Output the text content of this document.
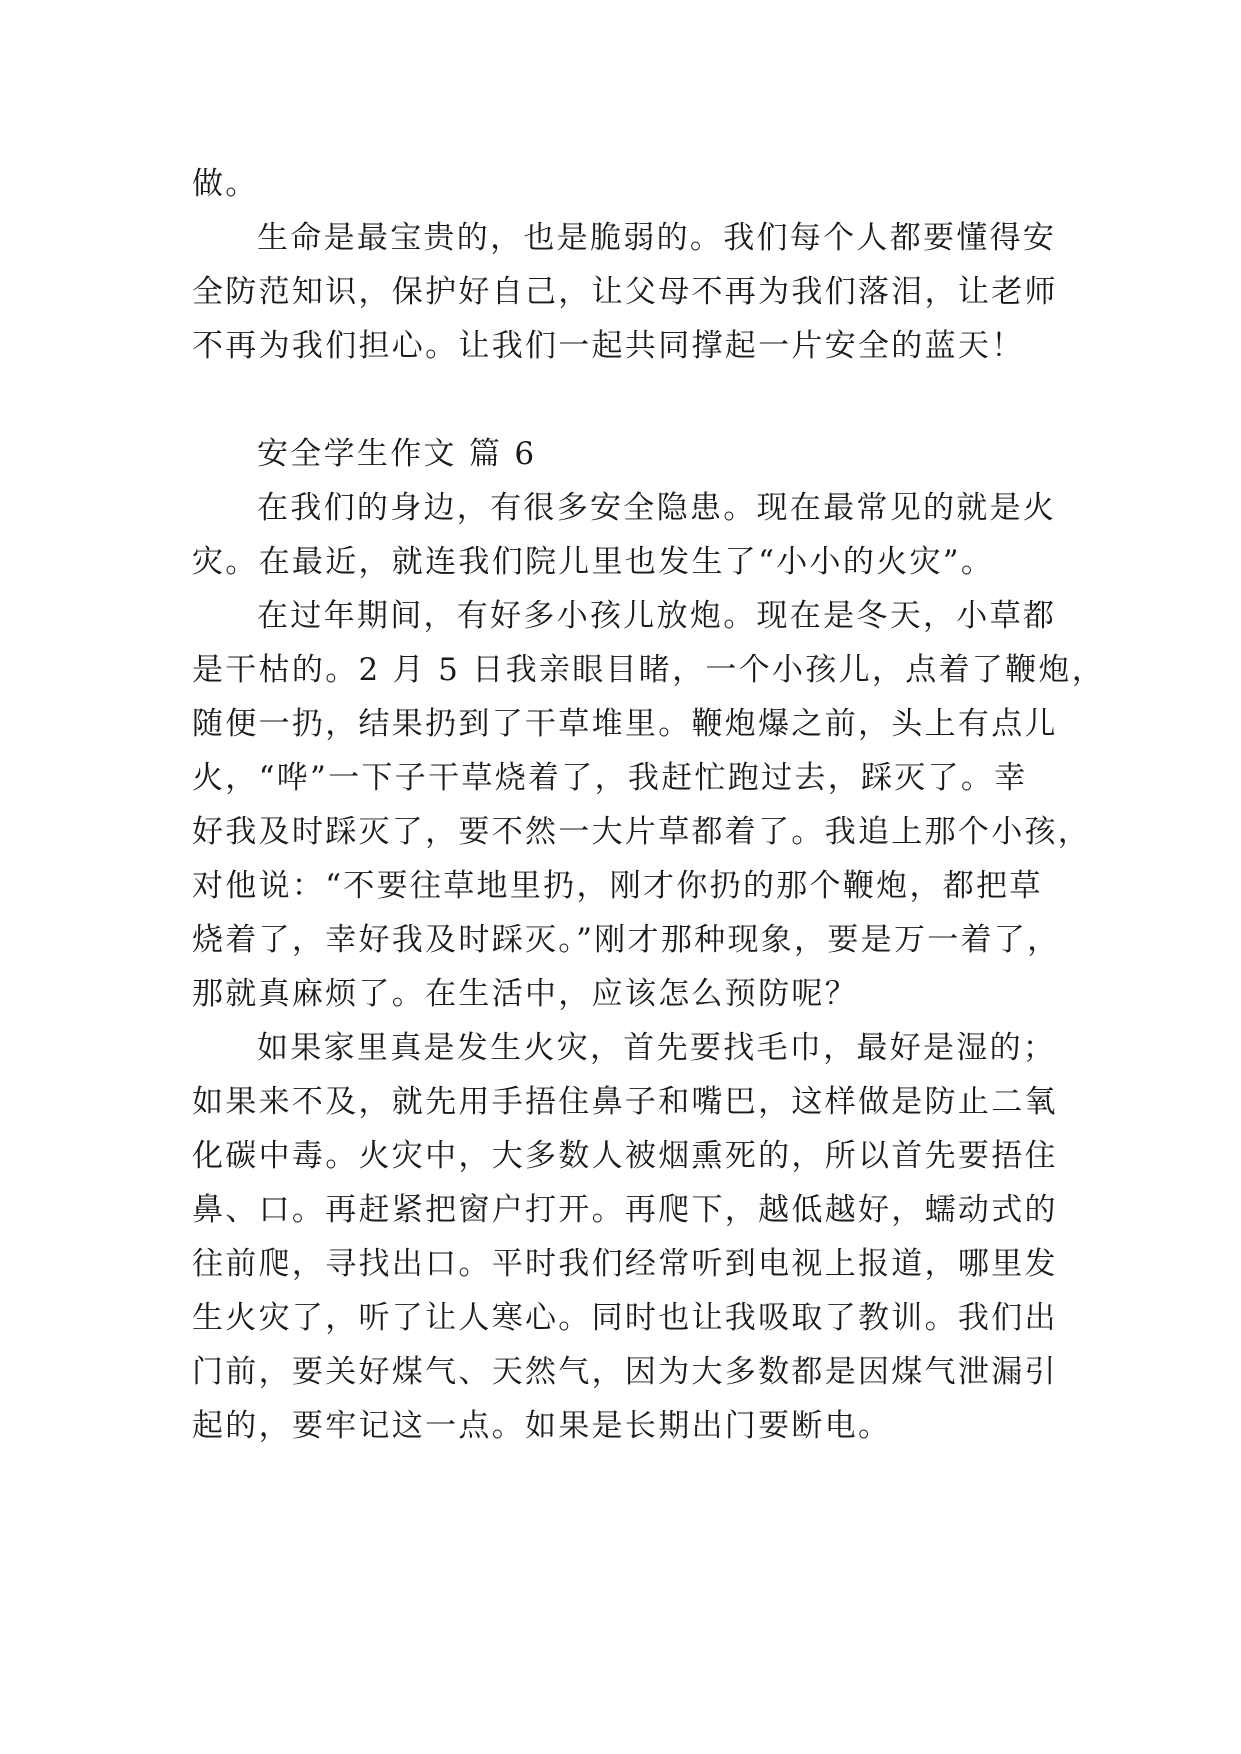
做。
生命是最宝贵的，也是脆弱的。我们每个人都要懂得安
全防范知识，保护好自己，让父母不再为我们落泪，让老师
不再为我们担心。让我们一起共同撑起一片安全的蓝天！
安全学生作文 篇 6
在我们的身边，有很多安全隐患。现在最常见的就是火
灾。在最近，就连我们院儿里也发生了“小小的火灾”。
在过年期间，有好多小孩儿放炮。现在是冬天，小草都
是干枯的。2 月 5 日我亲眼目睹，一个小孩儿，点着了鞭炮，
随便一扔，结果扔到了干草堆里。鞭炮爆之前，头上有点儿
火，“哗”一下子干草烧着了，我赶忙跑过去，踩灭了。幸
好我及时踩灭了，要不然一大片草都着了。我追上那个小孩，
对他说：“不要往草地里扔，刚才你扔的那个鞭炮，都把草
烧着了，幸好我及时踩灭。”刚才那种现象，要是万一着了，
那就真麻烦了。在生活中，应该怎么预防呢？
如果家里真是发生火灾，首先要找毛巾，最好是湿的；
如果来不及，就先用手捂住鼻子和嘴巴，这样做是防止二氧
化碳中毒。火灾中，大多数人被烟熏死的，所以首先要捂住
鼻、口。再赶紧把窗户打开。再爬下，越低越好，蠕动式的
往前爬，寻找出口。平时我们经常听到电视上报道，哪里发
生火灾了，听了让人寒心。同时也让我吸取了教训。我们出
门前，要关好煤气、天然气，因为大多数都是因煤气泄漏引
起的，要牢记这一点。如果是长期出门要断电。
